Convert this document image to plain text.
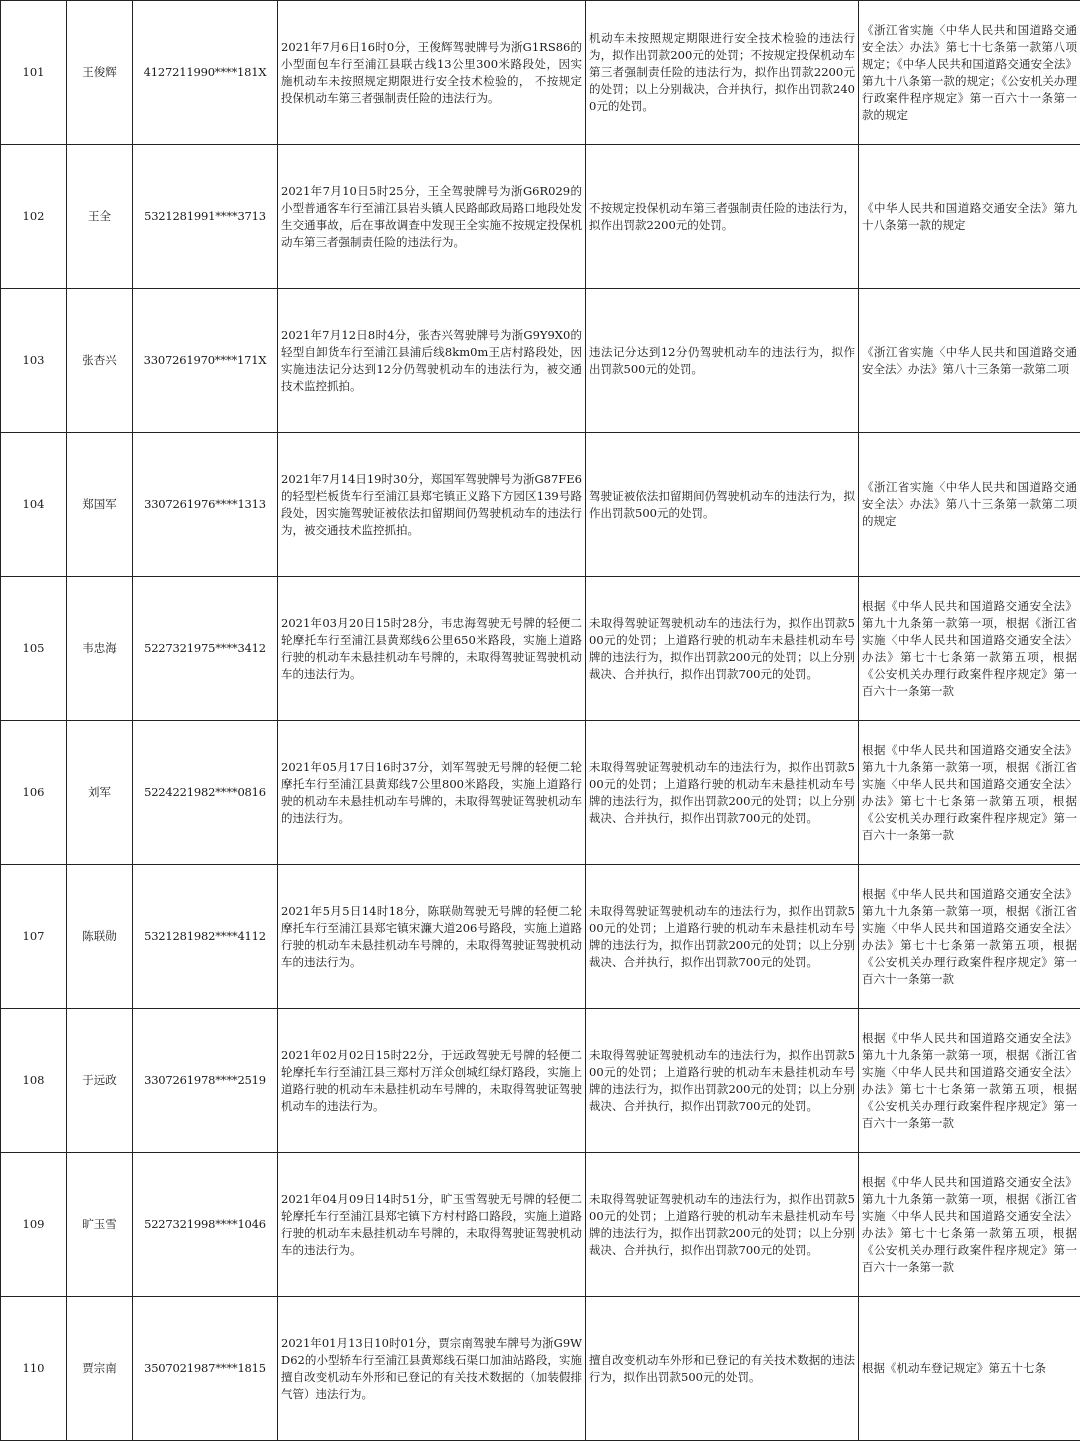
101	王俊辉	4127211990****181X	2021年7月6日16时0分，王俊辉驾驶牌号为浙G1RS86的小型面包车行至浦江县联古线13公里300米路段处，因实施机动车未按照规定期限进行安全技术检验的， 不按规定投保机动车第三者强制责任险的违法行为。	机动车未按照规定期限进行安全技术检验的违法行为，拟作出罚款200元的处罚；不按规定投保机动车第三者强制责任险的违法行为，拟作出罚款2200元的处罚；以上分别裁决，合并执行，拟作出罚款2400元的处罚。	《浙江省实施〈中华人民共和国道路交通安全法〉办法》第七十七条第一款第八项规定；《中华人民共和国道路交通安全法》第九十八条第一款的规定；《公安机关办理行政案件程序规定》第一百六十一条第一款的规定
102	王全	5321281991****3713	2021年7月10日5时25分，王全驾驶牌号为浙G6R029的小型普通客车行至浦江县岩头镇人民路邮政局路口地段处发生交通事故，后在事故调查中发现王全实施不按规定投保机动车第三者强制责任险的违法行为。	不按规定投保机动车第三者强制责任险的违法行为，拟作出罚款2200元的处罚。	《中华人民共和国道路交通安全法》第九十八条第一款的规定
103	张杏兴	3307261970****171X	2021年7月12日8时4分，张杏兴驾驶牌号为浙G9Y9X0的轻型自卸货车行至浦江县浦后线8km0m王店村路段处，因实施违法记分达到12分仍驾驶机动车的违法行为，被交通技术监控抓拍。	违法记分达到12分仍驾驶机动车的违法行为，拟作出罚款500元的处罚。	《浙江省实施〈中华人民共和国道路交通安全法〉办法》第八十三条第一款第二项
104	郑国军	3307261976****1313	2021年7月14日19时30分，郑国军驾驶牌号为浙G87FE6的轻型栏板货车行至浦江县郑宅镇正义路下方园区139号路段处，因实施驾驶证被依法扣留期间仍驾驶机动车的违法行为，被交通技术监控抓拍。	驾驶证被依法扣留期间仍驾驶机动车的违法行为，拟作出罚款500元的处罚。	《浙江省实施〈中华人民共和国道路交通安全法〉办法》第八十三条第一款第二项的规定
105	韦忠海	5227321975****3412	2021年03月20日15时28分，韦忠海驾驶无号牌的轻便二轮摩托车行至浦江县黄郑线6公里650米路段，实施上道路行驶的机动车未悬挂机动车号牌的，未取得驾驶证驾驶机动车的违法行为。	未取得驾驶证驾驶机动车的违法行为，拟作出罚款500元的处罚；上道路行驶的机动车未悬挂机动车号牌的违法行为，拟作出罚款200元的处罚；以上分别裁决、合并执行，拟作出罚款700元的处罚。	根据《中华人民共和国道路交通安全法》第九十九条第一款第一项，根据《浙江省实施〈中华人民共和国道路交通安全法〉办法》第七十七条第一款第五项，根据《公安机关办理行政案件程序规定》第一百六十一条第一款
106	刘军	5224221982****0816	2021年05月17日16时37分，刘军驾驶无号牌的轻便二轮摩托车行至浦江县黄郑线7公里800米路段，实施上道路行驶的机动车未悬挂机动车号牌的，未取得驾驶证驾驶机动车的违法行为。	未取得驾驶证驾驶机动车的违法行为，拟作出罚款500元的处罚；上道路行驶的机动车未悬挂机动车号牌的违法行为，拟作出罚款200元的处罚；以上分别裁决、合并执行，拟作出罚款700元的处罚。	根据《中华人民共和国道路交通安全法》第九十九条第一款第一项，根据《浙江省实施〈中华人民共和国道路交通安全法〉办法》第七十七条第一款第五项，根据《公安机关办理行政案件程序规定》第一百六十一条第一款
107	陈联勋	5321281982****4112	2021年5月5日14时18分，陈联勋驾驶无号牌的轻便二轮摩托车行至浦江县郑宅镇宋濂大道206号路段，实施上道路行驶的机动车未悬挂机动车号牌的，未取得驾驶证驾驶机动车的违法行为。	未取得驾驶证驾驶机动车的违法行为，拟作出罚款500元的处罚；上道路行驶的机动车未悬挂机动车号牌的违法行为，拟作出罚款200元的处罚；以上分别裁决、合并执行，拟作出罚款700元的处罚。	根据《中华人民共和国道路交通安全法》第九十九条第一款第一项，根据《浙江省实施〈中华人民共和国道路交通安全法〉办法》第七十七条第一款第五项，根据《公安机关办理行政案件程序规定》第一百六十一条第一款
108	于远政	3307261978****2519	2021年02月02日15时22分，于远政驾驶无号牌的轻便二轮摩托车行至浦江县三郑村万洋众创城红绿灯路段，实施上道路行驶的机动车未悬挂机动车号牌的，未取得驾驶证驾驶机动车的违法行为。	未取得驾驶证驾驶机动车的违法行为，拟作出罚款500元的处罚；上道路行驶的机动车未悬挂机动车号牌的违法行为，拟作出罚款200元的处罚；以上分别裁决、合并执行，拟作出罚款700元的处罚。	根据《中华人民共和国道路交通安全法》第九十九条第一款第一项，根据《浙江省实施〈中华人民共和国道路交通安全法〉办法》第七十七条第一款第五项，根据《公安机关办理行政案件程序规定》第一百六十一条第一款
109	旷玉雪	5227321998****1046	2021年04月09日14时51分，旷玉雪驾驶无号牌的轻便二轮摩托车行至浦江县郑宅镇下方村村路口路段，实施上道路行驶的机动车未悬挂机动车号牌的，未取得驾驶证驾驶机动车的违法行为。	未取得驾驶证驾驶机动车的违法行为，拟作出罚款500元的处罚；上道路行驶的机动车未悬挂机动车号牌的违法行为，拟作出罚款200元的处罚；以上分别裁决、合并执行，拟作出罚款700元的处罚。	根据《中华人民共和国道路交通安全法》第九十九条第一款第一项，根据《浙江省实施〈中华人民共和国道路交通安全法〉办法》第七十七条第一款第五项，根据《公安机关办理行政案件程序规定》第一百六十一条第一款
110	贾宗南	3507021987****1815	2021年01月13日10时01分，贾宗南驾驶车牌号为浙G9WD62的小型轿车行至浦江县黄郑线石渠口加油站路段，实施擅自改变机动车外形和已登记的有关技术数据的（加装假排气管）违法行为。	擅自改变机动车外形和已登记的有关技术数据的违法行为，拟作出罚款500元的处罚。	根据《机动车登记规定》第五十七条
